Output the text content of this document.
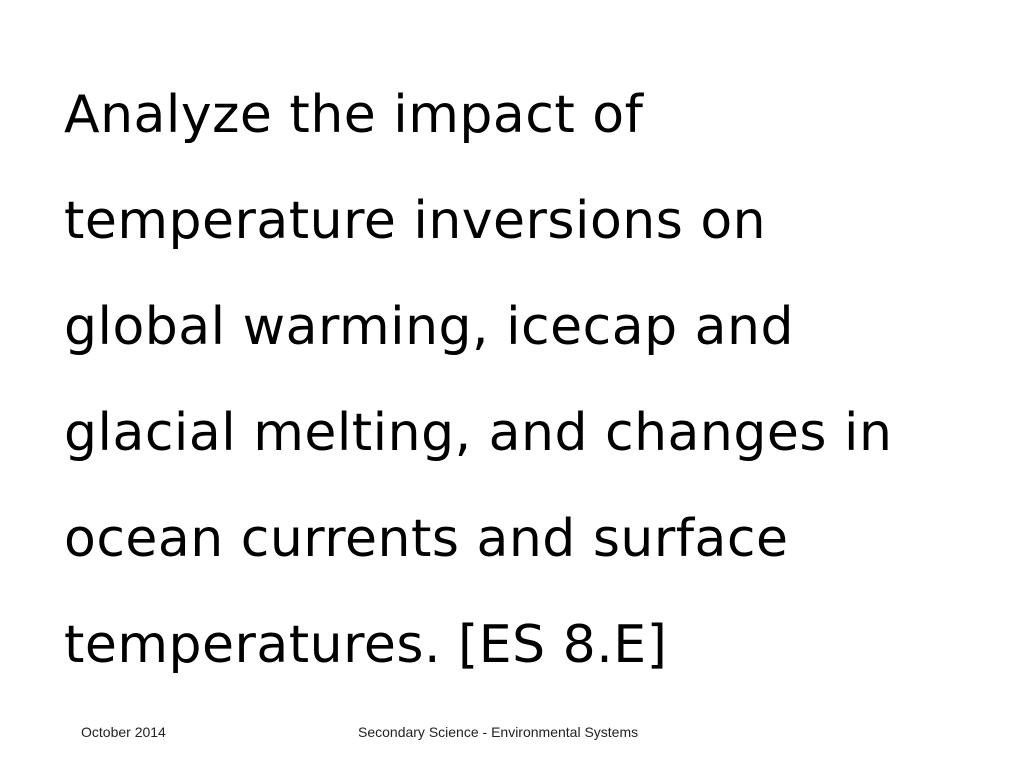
Analyze the impact of
temperature inversions on
global warming, icecap and
glacial melting, and changes in
ocean currents and surface
temperatures. [ES 8.E]

October 2014	Secondary Science - Environmental Systems
